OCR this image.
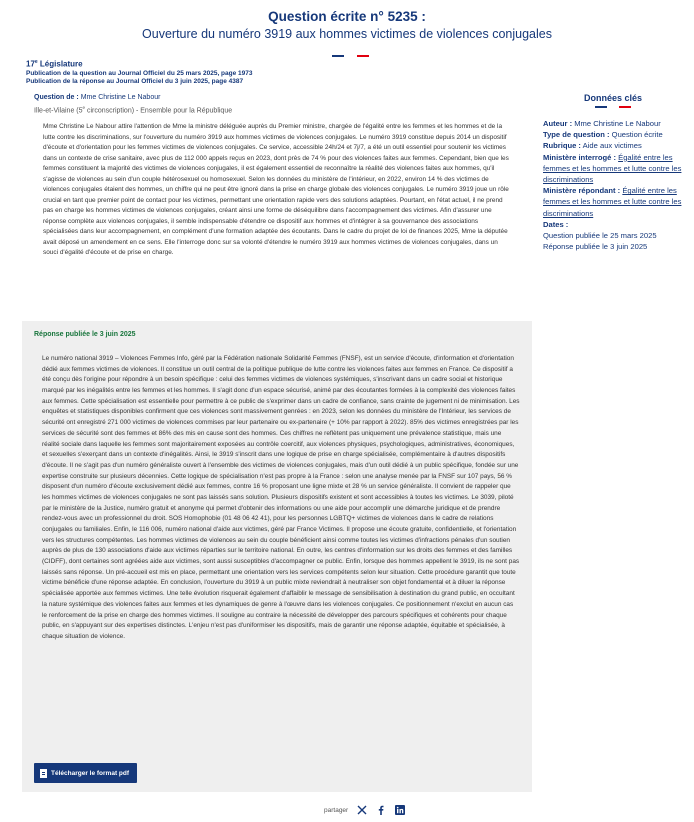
Question écrite n° 5235 :
Ouverture du numéro 3919 aux hommes victimes de violences conjugales
17e Législature
Publication de la question au Journal Officiel du 25 mars 2025, page 1973
Publication de la réponse au Journal Officiel du 3 juin 2025, page 4387
Question de : Mme Christine Le Nabour
Ille-et-Vilaine (5e circonscription) - Ensemble pour la République
Mme Christine Le Nabour attire l'attention de Mme la ministre déléguée auprès du Premier ministre, chargée de l'égalité entre les femmes et les hommes et de la lutte contre les discriminations, sur l'ouverture du numéro 3919 aux hommes victimes de violences conjugales. Le numéro 3919 constitue depuis 2014 un dispositif d'écoute et d'orientation pour les femmes victimes de violences conjugales. Ce service, accessible 24h/24 et 7j/7, a été un outil essentiel pour soutenir les victimes dans un contexte de crise sanitaire, avec plus de 112 000 appels reçus en 2023, dont près de 74 % pour des violences faites aux femmes. Cependant, bien que les femmes constituent la majorité des victimes de violences conjugales, il est également essentiel de reconnaître la réalité des violences faites aux hommes, qu'il s'agisse de violences au sein d'un couple hétérosexuel ou homosexuel. Selon les données du ministère de l'intérieur, en 2022, environ 14 % des victimes de violences conjugales étaient des hommes, un chiffre qui ne peut être ignoré dans la prise en charge globale des violences conjugales. Le numéro 3919 joue un rôle crucial en tant que premier point de contact pour les victimes, permettant une orientation rapide vers des solutions adaptées. Pourtant, en l'état actuel, il ne prend pas en charge les hommes victimes de violences conjugales, créant ainsi une forme de déséquilibre dans l'accompagnement des victimes. Afin d'assurer une réponse complète aux violences conjugales, il semble indispensable d'étendre ce dispositif aux hommes et d'intégrer à sa gouvernance des associations spécialisées dans leur accompagnement, en complément d'une formation adaptée des écoutants. Dans le cadre du projet de loi de finances 2025, Mme la députée avait déposé un amendement en ce sens. Elle l'interroge donc sur sa volonté d'étendre le numéro 3919 aux hommes victimes de violences conjugales, dans un souci d'égalité d'écoute et de prise en charge.
Réponse publiée le 3 juin 2025
Le numéro national 3919 – Violences Femmes Info, géré par la Fédération nationale Solidarité Femmes (FNSF), est un service d'écoute, d'information et d'orientation dédié aux femmes victimes de violences. Il constitue un outil central de la politique publique de lutte contre les violences faites aux femmes en France. Ce dispositif a été conçu dès l'origine pour répondre à un besoin spécifique : celui des femmes victimes de violences systémiques, s'inscrivant dans un cadre social et historique marqué par les inégalités entre les femmes et les hommes. Il s'agit donc d'un espace sécurisé, animé par des écoutantes formées à la complexité des violences faites aux femmes. Cette spécialisation est essentielle pour permettre à ce public de s'exprimer dans un cadre de confiance, sans crainte de jugement ni de minimisation. Les enquêtes et statistiques disponibles confirment que ces violences sont massivement genrées : en 2023, selon les données du ministère de l'Intérieur, les services de sécurité ont enregistré 271 000 victimes de violences commises par leur partenaire ou ex-partenaire (+ 10% par rapport à 2022). 85% des victimes enregistrées par les services de sécurité sont des femmes et 86% des mis en cause sont des hommes. Ces chiffres ne reflètent pas uniquement une prévalence statistique, mais une réalité sociale dans laquelle les femmes sont majoritairement exposées au contrôle coercitif, aux violences physiques, psychologiques, administratives, économiques, et sexuelles s'exerçant dans un contexte d'inégalités. Ainsi, le 3919 s'inscrit dans une logique de prise en charge spécialisée, complémentaire à d'autres dispositifs d'écoute. Il ne s'agit pas d'un numéro généraliste ouvert à l'ensemble des victimes de violences conjugales, mais d'un outil dédié à un public spécifique, fondée sur une expertise construite sur plusieurs décennies. Cette logique de spécialisation n'est pas propre à la France : selon une analyse menée par la FNSF sur 107 pays, 56 % disposent d'un numéro d'écoute exclusivement dédié aux femmes, contre 16 % proposant une ligne mixte et 28 % un service généraliste. Il convient de rappeler que les hommes victimes de violences conjugales ne sont pas laissés sans solution. Plusieurs dispositifs existent et sont accessibles à toutes les victimes. Le 3039, piloté par le ministère de la Justice, numéro gratuit et anonyme qui permet d'obtenir des informations ou une aide pour accomplir une démarche juridique et de prendre rendez-vous avec un professionnel du droit. SOS Homophobie (01 48 06 42 41), pour les personnes LGBTQ+ victimes de violences dans le cadre de relations conjugales ou familiales. Enfin, le 116 006, numéro national d'aide aux victimes, géré par France Victimes. Il propose une écoute gratuite, confidentielle, et l'orientation vers les structures compétentes. Les hommes victimes de violences au sein du couple bénéficient ainsi comme toutes les victimes d'infractions pénales d'un soutien auprès de plus de 130 associations d'aide aux victimes réparties sur le territoire national. En outre, les centres d'information sur les droits des femmes et des familles (CIDFF), dont certaines sont agréées aide aux victimes, sont aussi susceptibles d'accompagner ce public. Enfin, lorsque des hommes appellent le 3919, ils ne sont pas laissés sans réponse. Un pré-accueil est mis en place, permettant une orientation vers les services compétents selon leur situation. Cette procédure garantit que toute victime bénéficie d'une réponse adaptée. En conclusion, l'ouverture du 3919 à un public mixte reviendrait à neutraliser son objet fondamental et à diluer la réponse spécialisée apportée aux femmes victimes. Une telle évolution risquerait également d'affaiblir le message de sensibilisation à destination du grand public, en occultant la nature systémique des violences faites aux femmes et les dynamiques de genre à l'œuvre dans les violences conjugales. Ce positionnement n'exclut en aucun cas le renforcement de la prise en charge des hommes victimes. Il souligne au contraire la nécessité de développer des parcours spécifiques et cohérents pour chaque public, en s'appuyant sur des expertises distinctes. L'enjeu n'est pas d'uniformiser les dispositifs, mais de garantir une réponse adaptée, équitable et spécialisée, à chaque situation de violence.
Télécharger le format pdf
Données clés
Auteur : Mme Christine Le Nabour
Type de question : Question écrite
Rubrique : Aide aux victimes
Ministère interrogé : Égalité entre les femmes et les hommes et lutte contre les discriminations
Ministère répondant : Égalité entre les femmes et les hommes et lutte contre les discriminations
Dates :
Question publiée le 25 mars 2025
Réponse publiée le 3 juin 2025
partager
